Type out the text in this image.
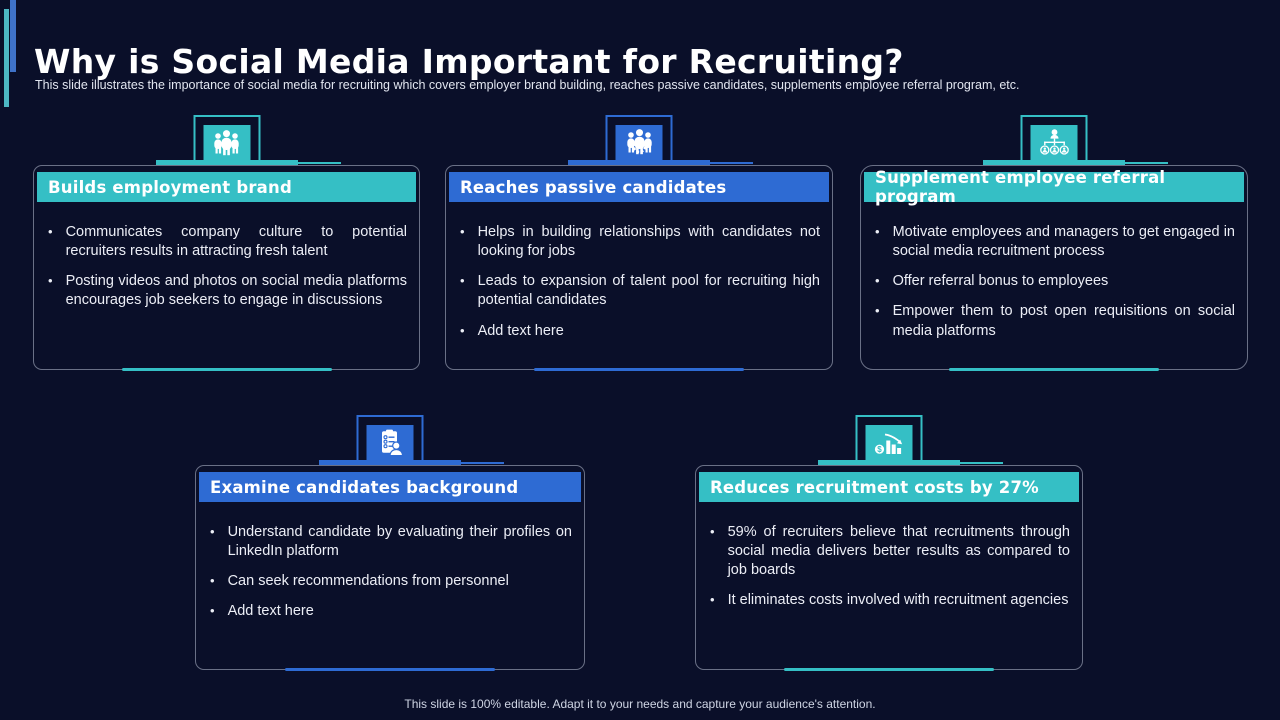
Why is Social Media Important for Recruiting?
This slide illustrates the importance of social media for recruiting which covers employer brand building, reaches passive candidates, supplements employee referral program, etc.
Builds employment brand
• Communicates company culture to potential recruiters results in attracting fresh talent
• Posting videos and photos on social media platforms encourages job seekers to engage in discussions
Reaches passive candidates
• Helps in building relationships with candidates not looking for jobs
• Leads to expansion of talent pool for recruiting high potential candidates
• Add text here
Supplement employee referral program
• Motivate employees and managers to get engaged in social media recruitment process
• Offer referral bonus to employees
• Empower them to post open requisitions on social media platforms
Examine candidates background
• Understand candidate by evaluating their profiles on LinkedIn platform
• Can seek recommendations from personnel
• Add text here
$
Reduces recruitment costs by 27%
• 59% of recruiters believe that recruitments through social media delivers better results as compared to job boards
• It eliminates costs involved with recruitment agencies
This slide is 100% editable. Adapt it to your needs and capture your audience's attention.
